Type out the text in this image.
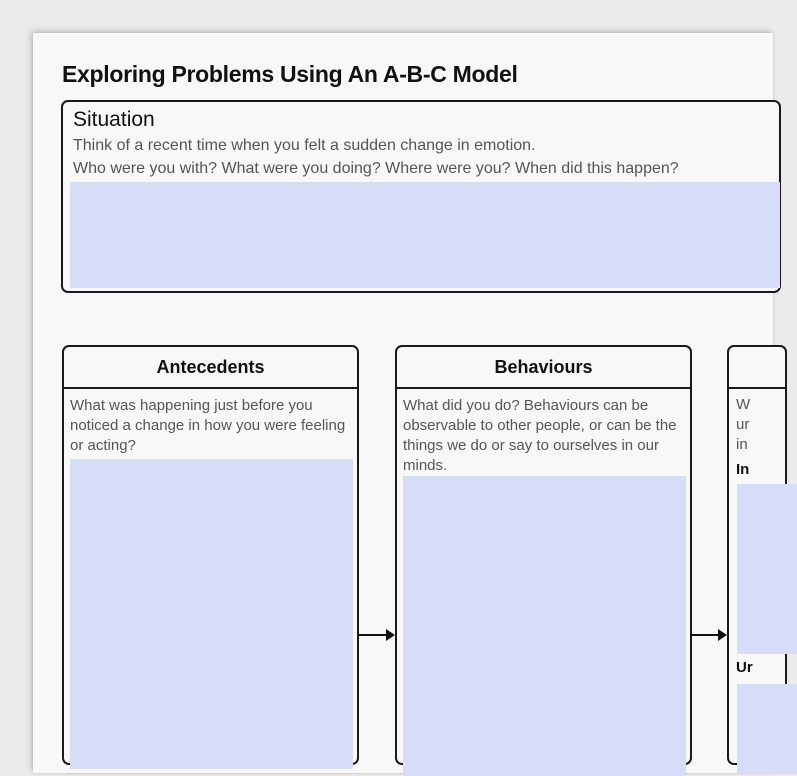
Exploring Problems Using An A-B-C Model
Situation
Think of a recent time when you felt a sudden change in emotion.
Who were you with? What were you doing? Where were you? When did this happen?
Antecedents
What was happening just before you noticed a change in how you were feeling or acting?
Behaviours
What did you do? Behaviours can be observable to other people, or can be the things we do or say to ourselves in our minds.
W
ur
in
In
Ur
